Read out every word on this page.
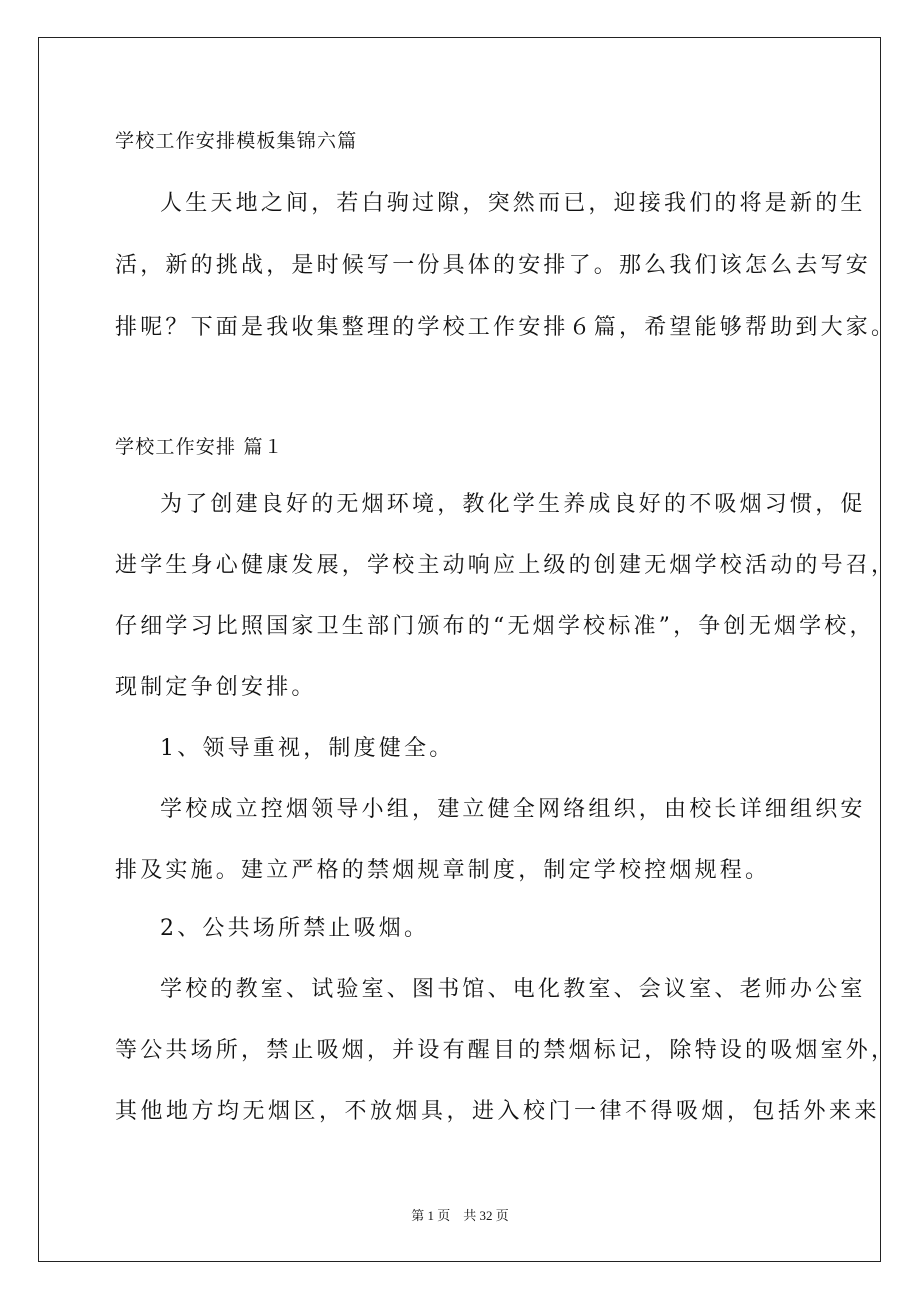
学校工作安排模板集锦六篇
人生天地之间，若白驹过隙，突然而已，迎接我们的将是新的生
活，新的挑战，是时候写一份具体的安排了。那么我们该怎么去写安
排呢？下面是我收集整理的学校工作安排６篇，希望能够帮助到大家。
学校工作安排 篇１
为了创建良好的无烟环境，教化学生养成良好的不吸烟习惯，促
进学生身心健康发展，学校主动响应上级的创建无烟学校活动的号召，
仔细学习比照国家卫生部门颁布的“无烟学校标准”，争创无烟学校，
现制定争创安排。
1、领导重视，制度健全。
学校成立控烟领导小组，建立健全网络组织，由校长详细组织安
排及实施。建立严格的禁烟规章制度，制定学校控烟规程。
2、公共场所禁止吸烟。
学校的教室、试验室、图书馆、电化教室、会议室、老师办公室
等公共场所，禁止吸烟，并设有醒目的禁烟标记，除特设的吸烟室外，
其他地方均无烟区，不放烟具，进入校门一律不得吸烟，包括外来来
第 1 页　共 32 页
